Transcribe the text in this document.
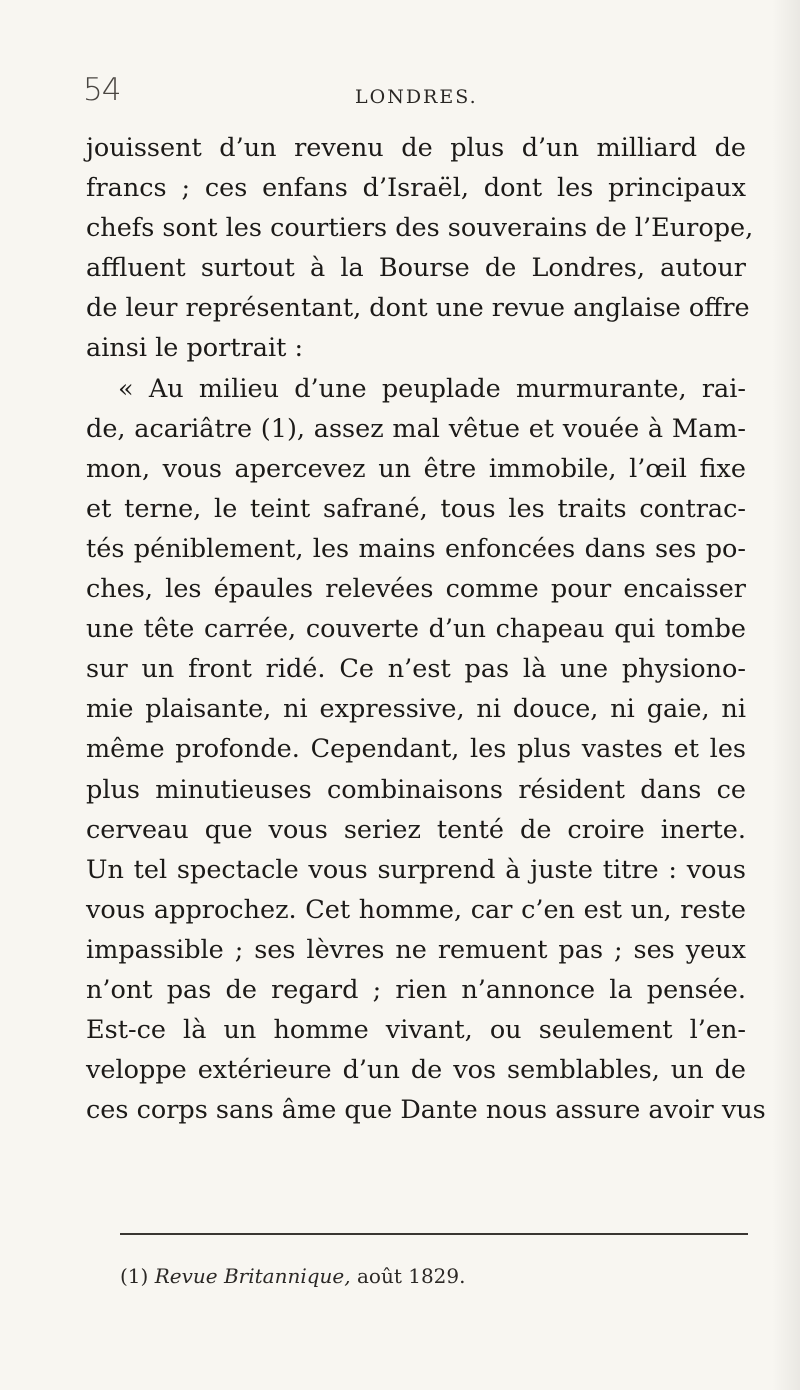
54	LONDRES.
jouissent d’un revenu de plus d’un milliard de
francs ; ces enfans d’Israël, dont les principaux
chefs sont les courtiers des souverains de l’Europe,
affluent surtout à la Bourse de Londres, autour
de leur représentant, dont une revue anglaise offre
ainsi le portrait :
« Au milieu d’une peuplade murmurante, rai-
de, acariâtre (1), assez mal vêtue et vouée à Mam-
mon, vous apercevez un être immobile, l’œil fixe
et terne, le teint safrané, tous les traits contrac-
tés péniblement, les mains enfoncées dans ses po-
ches, les épaules relevées comme pour encaisser
une tête carrée, couverte d’un chapeau qui tombe
sur un front ridé. Ce n’est pas là une physiono-
mie plaisante, ni expressive, ni douce, ni gaie, ni
même profonde. Cependant, les plus vastes et les
plus minutieuses combinaisons résident dans ce
cerveau que vous seriez tenté de croire inerte.
Un tel spectacle vous surprend à juste titre : vous
vous approchez. Cet homme, car c’en est un, reste
impassible ; ses lèvres ne remuent pas ; ses yeux
n’ont pas de regard ; rien n’annonce la pensée.
Est-ce là un homme vivant, ou seulement l’en-
veloppe extérieure d’un de vos semblables, un de
ces corps sans âme que Dante nous assure avoir vus
(1) Revue Britannique, août 1829.
